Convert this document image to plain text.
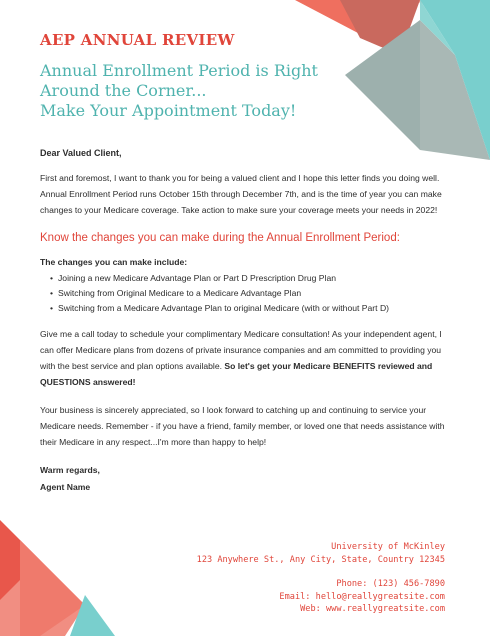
AEP ANNUAL REVIEW
Annual Enrollment Period is Right
Around the Corner...
Make Your Appointment Today!
Dear Valued Client,

First and foremost, I want to thank you for being a valued client and I hope this letter finds you doing well. Annual Enrollment Period runs October 15th through December 7th, and is the time of year you can make changes to your Medicare coverage. Take action to make sure your coverage meets your needs in 2022!

Know the changes you can make during the Annual Enrollment Period:
The changes you can make include:
• Joining a new Medicare Advantage Plan or Part D Prescription Drug Plan
• Switching from Original Medicare to a Medicare Advantage Plan
• Switching from a Medicare Advantage Plan to original Medicare (with or without Part D)

Give me a call today to schedule your complimentary Medicare consultation! As your independent agent, I can offer Medicare plans from dozens of private insurance companies and am committed to providing you with the best service and plan options available. So let's get your Medicare BENEFITS reviewed and QUESTIONS answered!

Your business is sincerely appreciated, so I look forward to catching up and continuing to service your Medicare needs. Remember - if you have a friend, family member, or loved one that needs assistance with their Medicare in any respect...I'm more than happy to help!

Warm regards,
Agent Name
University of McKinley
123 Anywhere St., Any City, State, Country 12345
Phone: (123) 456-7890
Email: hello@reallygreatsite.com
Web: www.reallygreatsite.com
